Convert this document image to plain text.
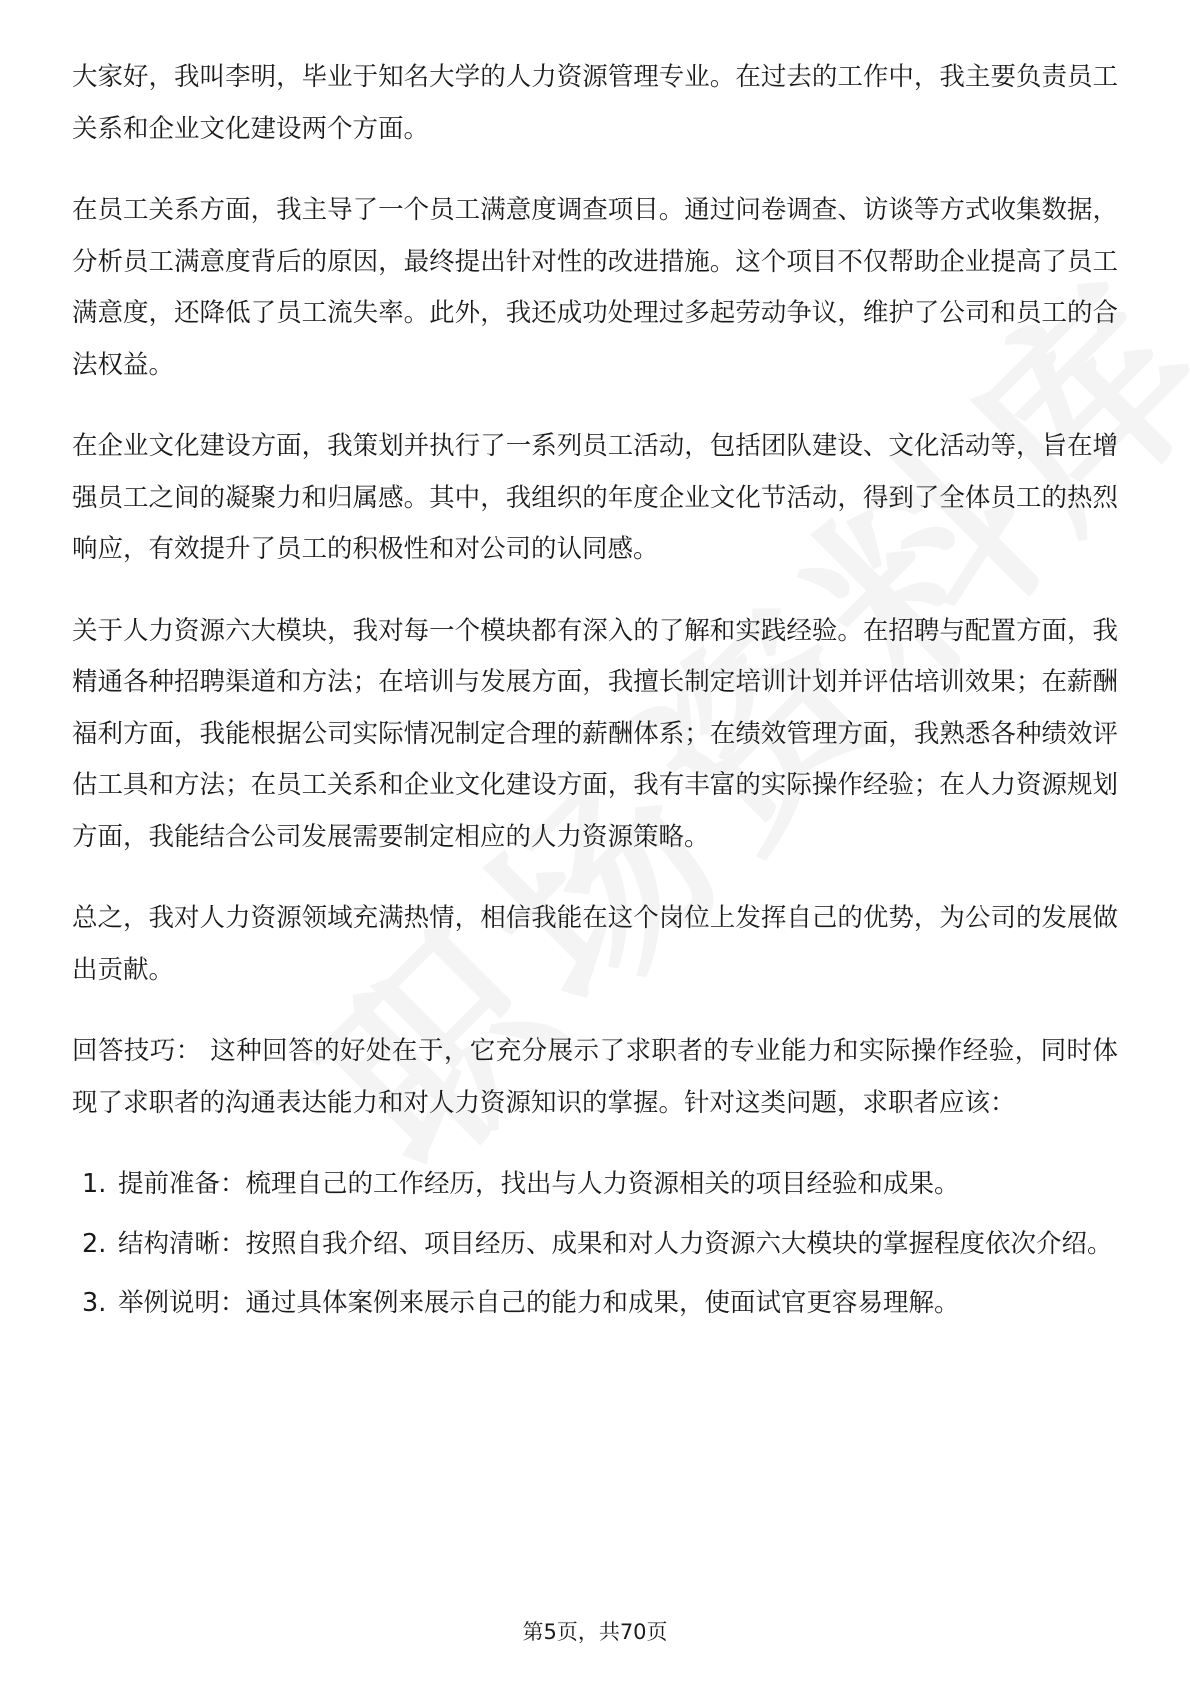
大家好，我叫李明，毕业于知名大学的人力资源管理专业。在过去的工作中，我主要负责员工关系和企业文化建设两个方面。

在员工关系方面，我主导了一个员工满意度调查项目。通过问卷调查、访谈等方式收集数据，分析员工满意度背后的原因，最终提出针对性的改进措施。这个项目不仅帮助企业提高了员工满意度，还降低了员工流失率。此外，我还成功处理过多起劳动争议，维护了公司和员工的合法权益。

在企业文化建设方面，我策划并执行了一系列员工活动，包括团队建设、文化活动等，旨在增强员工之间的凝聚力和归属感。其中，我组织的年度企业文化节活动，得到了全体员工的热烈响应，有效提升了员工的积极性和对公司的认同感。

关于人力资源六大模块，我对每一个模块都有深入的了解和实践经验。在招聘与配置方面，我精通各种招聘渠道和方法；在培训与发展方面，我擅长制定培训计划并评估培训效果；在薪酬福利方面，我能根据公司实际情况制定合理的薪酬体系；在绩效管理方面，我熟悉各种绩效评估工具和方法；在员工关系和企业文化建设方面，我有丰富的实际操作经验；在人力资源规划方面，我能结合公司发展需要制定相应的人力资源策略。

总之，我对人力资源领域充满热情，相信我能在这个岗位上发挥自己的优势，为公司的发展做出贡献。

回答技巧： 这种回答的好处在于，它充分展示了求职者的专业能力和实际操作经验，同时体现了求职者的沟通表达能力和对人力资源知识的掌握。针对这类问题，求职者应该：

1. 提前准备：梳理自己的工作经历，找出与人力资源相关的项目经验和成果。
2. 结构清晰：按照自我介绍、项目经历、成果和对人力资源六大模块的掌握程度依次介绍。
3. 举例说明：通过具体案例来展示自己的能力和成果，使面试官更容易理解。
第5页，共70页
